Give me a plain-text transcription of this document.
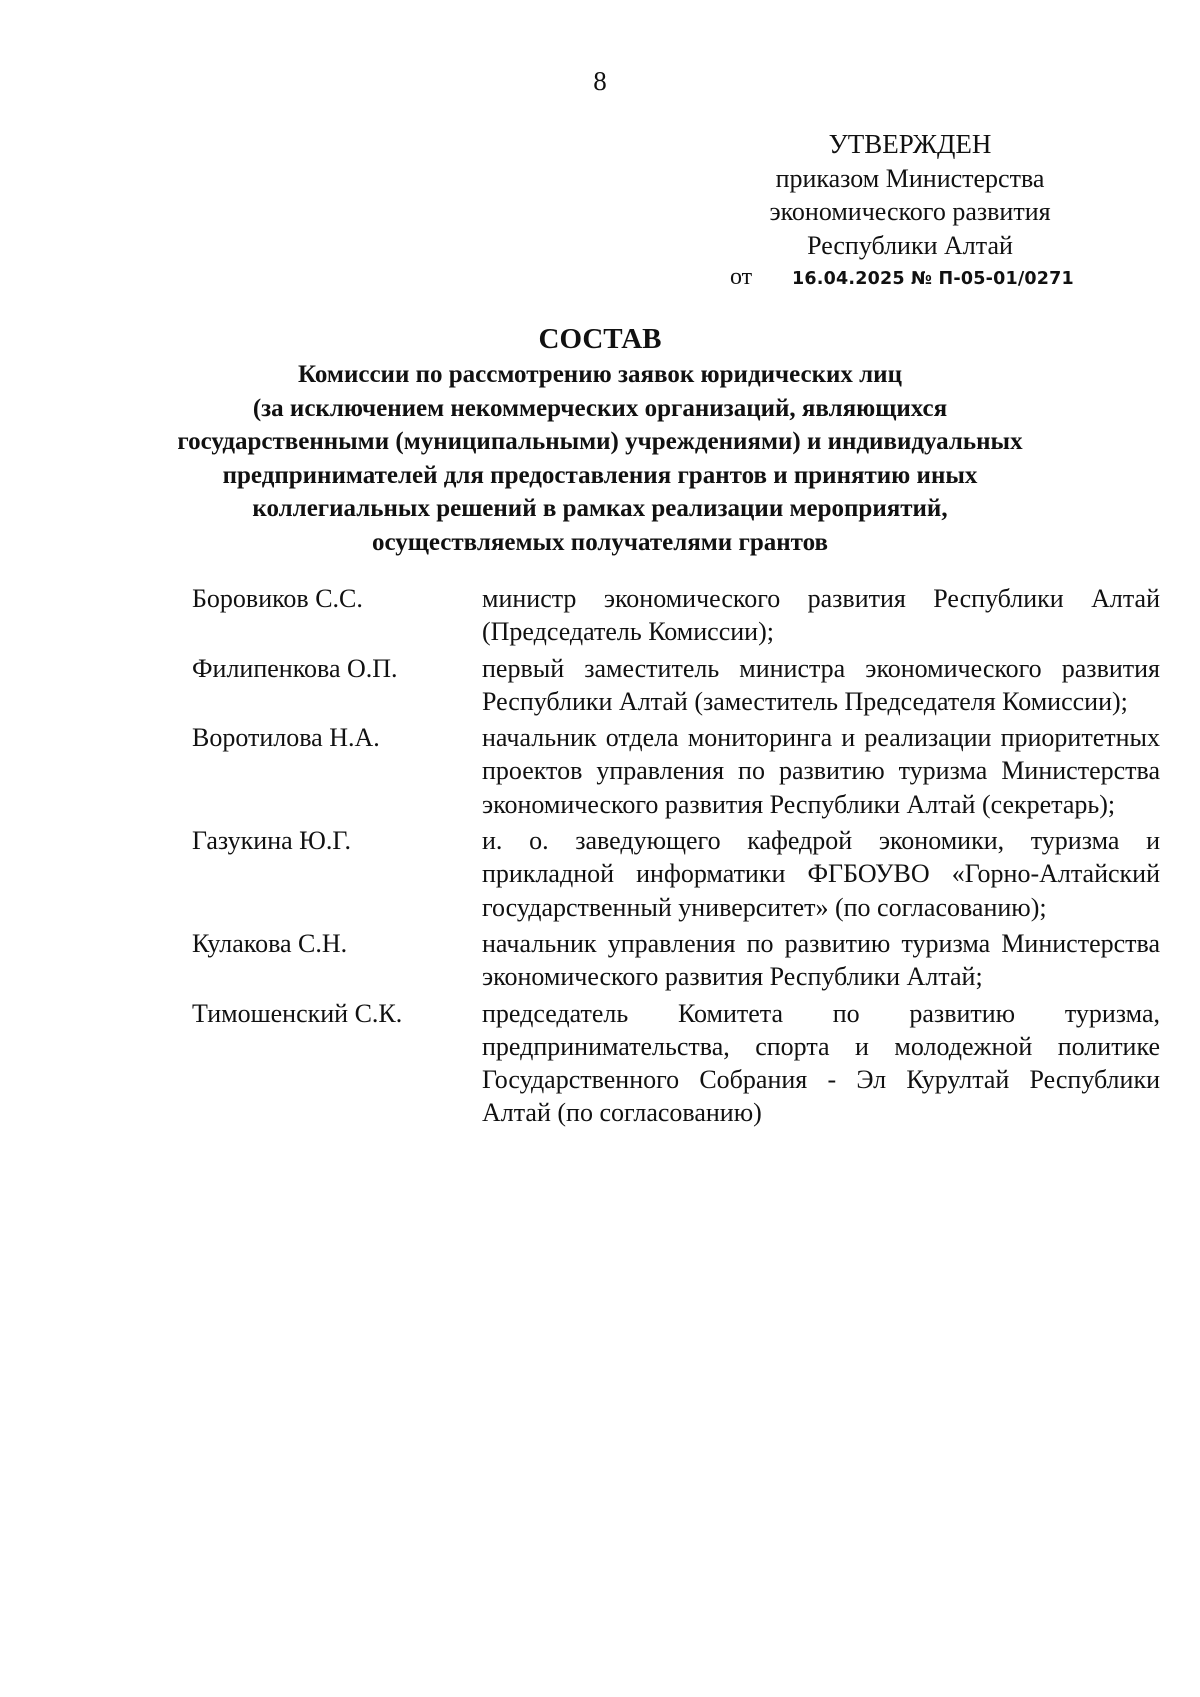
8
УТВЕРЖДЕН
приказом Министерства
экономического развития
Республики Алтай
от 16.04.2025 № П-05-01/0271
СОСТАВ
Комиссии по рассмотрению заявок юридических лиц
(за исключением некоммерческих организаций, являющихся
государственными (муниципальными) учреждениями) и индивидуальных
предпринимателей для предоставления грантов и принятию иных
коллегиальных решений в рамках реализации мероприятий,
осуществляемых получателями грантов
Боровиков С.С.	министр экономического развития Республики Алтай (Председатель Комиссии);
Филипенкова О.П.	первый заместитель министра экономического развития Республики Алтай (заместитель Председателя Комиссии);
Воротилова Н.А.	начальник отдела мониторинга и реализации приоритетных проектов управления по развитию туризма Министерства экономического развития Республики Алтай (секретарь);
Газукина Ю.Г.	и. о. заведующего кафедрой экономики, туризма и прикладной информатики ФГБОУВО «Горно-Алтайский государственный университет» (по согласованию);
Кулакова С.Н.	начальник управления по развитию туризма Министерства экономического развития Республики Алтай;
Тимошенский С.К.	председатель Комитета по развитию туризма, предпринимательства, спорта и молодежной политике Государственного Собрания - Эл Курултай Республики Алтай (по согласованию)
